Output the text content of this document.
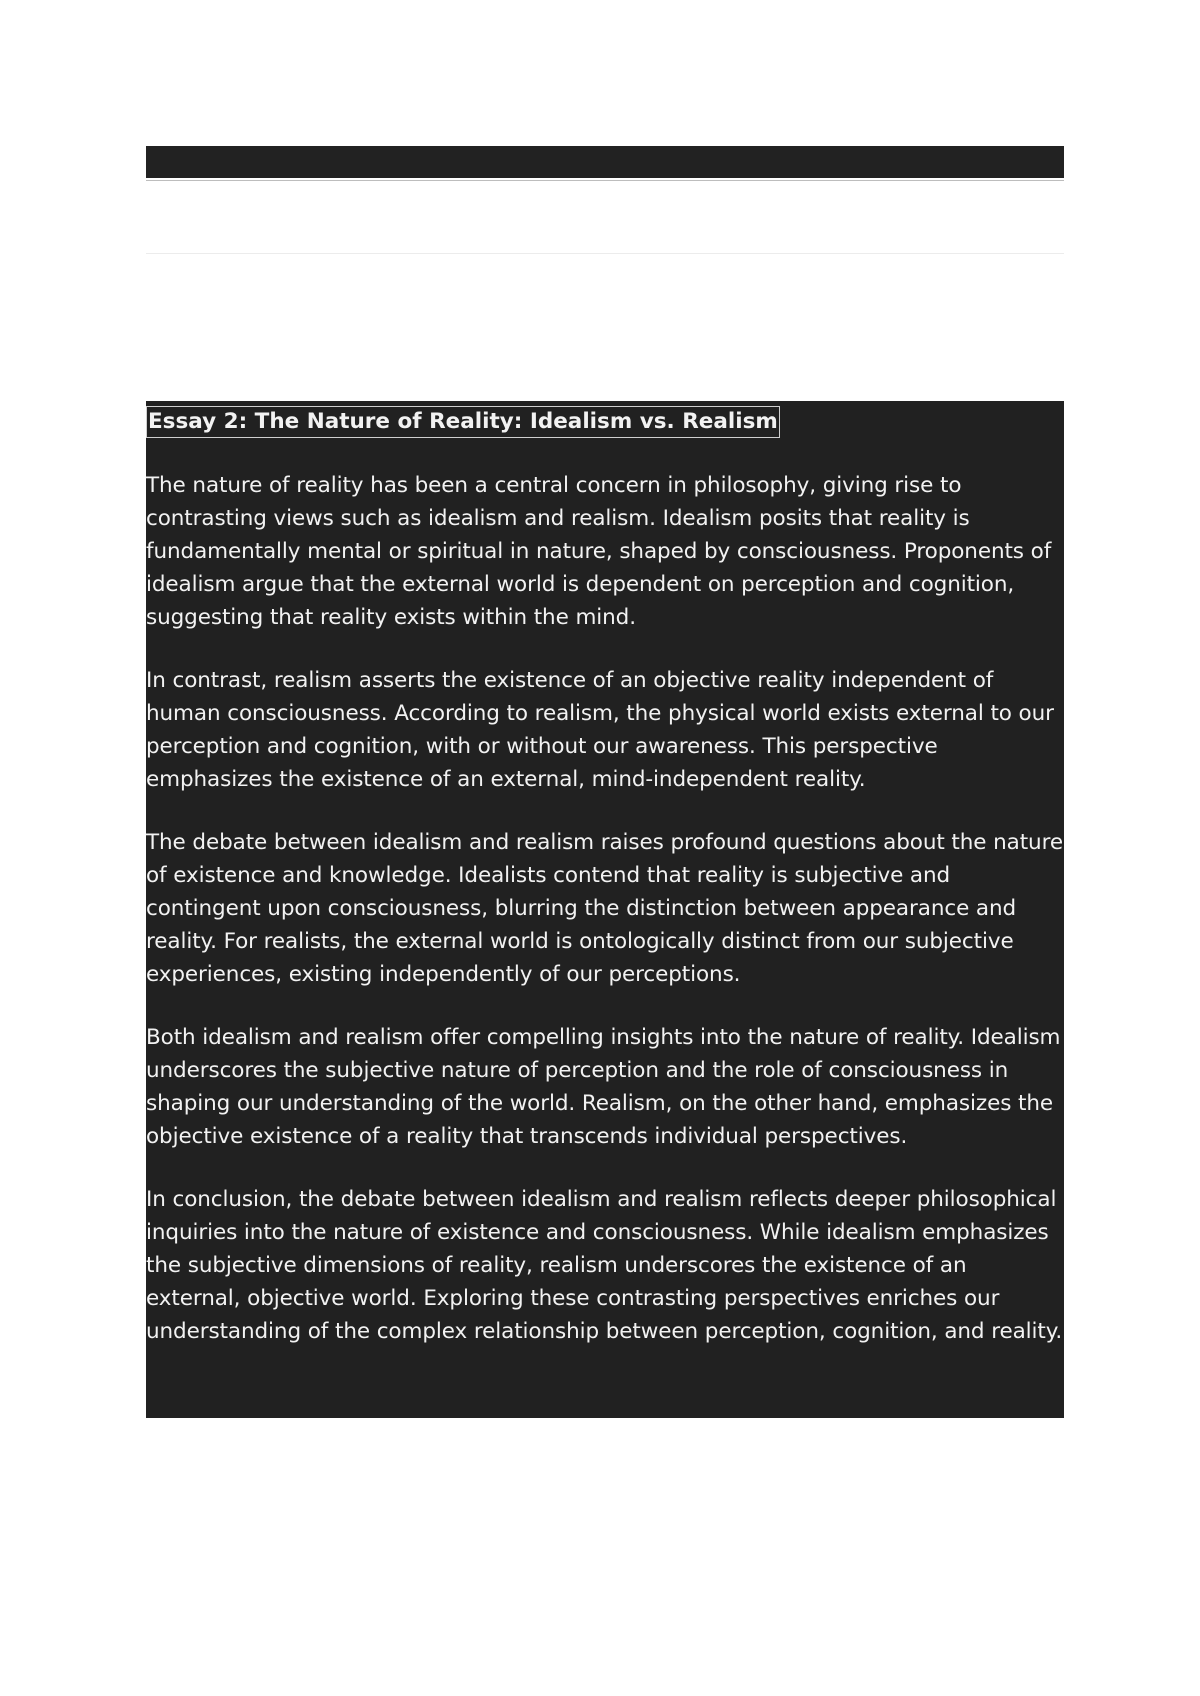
Essay 2: The Nature of Reality: Idealism vs. Realism

The nature of reality has been a central concern in philosophy, giving rise to contrasting views such as idealism and realism. Idealism posits that reality is fundamentally mental or spiritual in nature, shaped by consciousness. Proponents of idealism argue that the external world is dependent on perception and cognition, suggesting that reality exists within the mind.

In contrast, realism asserts the existence of an objective reality independent of human consciousness. According to realism, the physical world exists external to our perception and cognition, with or without our awareness. This perspective emphasizes the existence of an external, mind-independent reality.

The debate between idealism and realism raises profound questions about the nature of existence and knowledge. Idealists contend that reality is subjective and contingent upon consciousness, blurring the distinction between appearance and reality. For realists, the external world is ontologically distinct from our subjective experiences, existing independently of our perceptions.

Both idealism and realism offer compelling insights into the nature of reality. Idealism underscores the subjective nature of perception and the role of consciousness in shaping our understanding of the world. Realism, on the other hand, emphasizes the objective existence of a reality that transcends individual perspectives.

In conclusion, the debate between idealism and realism reflects deeper philosophical inquiries into the nature of existence and consciousness. While idealism emphasizes the subjective dimensions of reality, realism underscores the existence of an external, objective world. Exploring these contrasting perspectives enriches our understanding of the complex relationship between perception, cognition, and reality.
